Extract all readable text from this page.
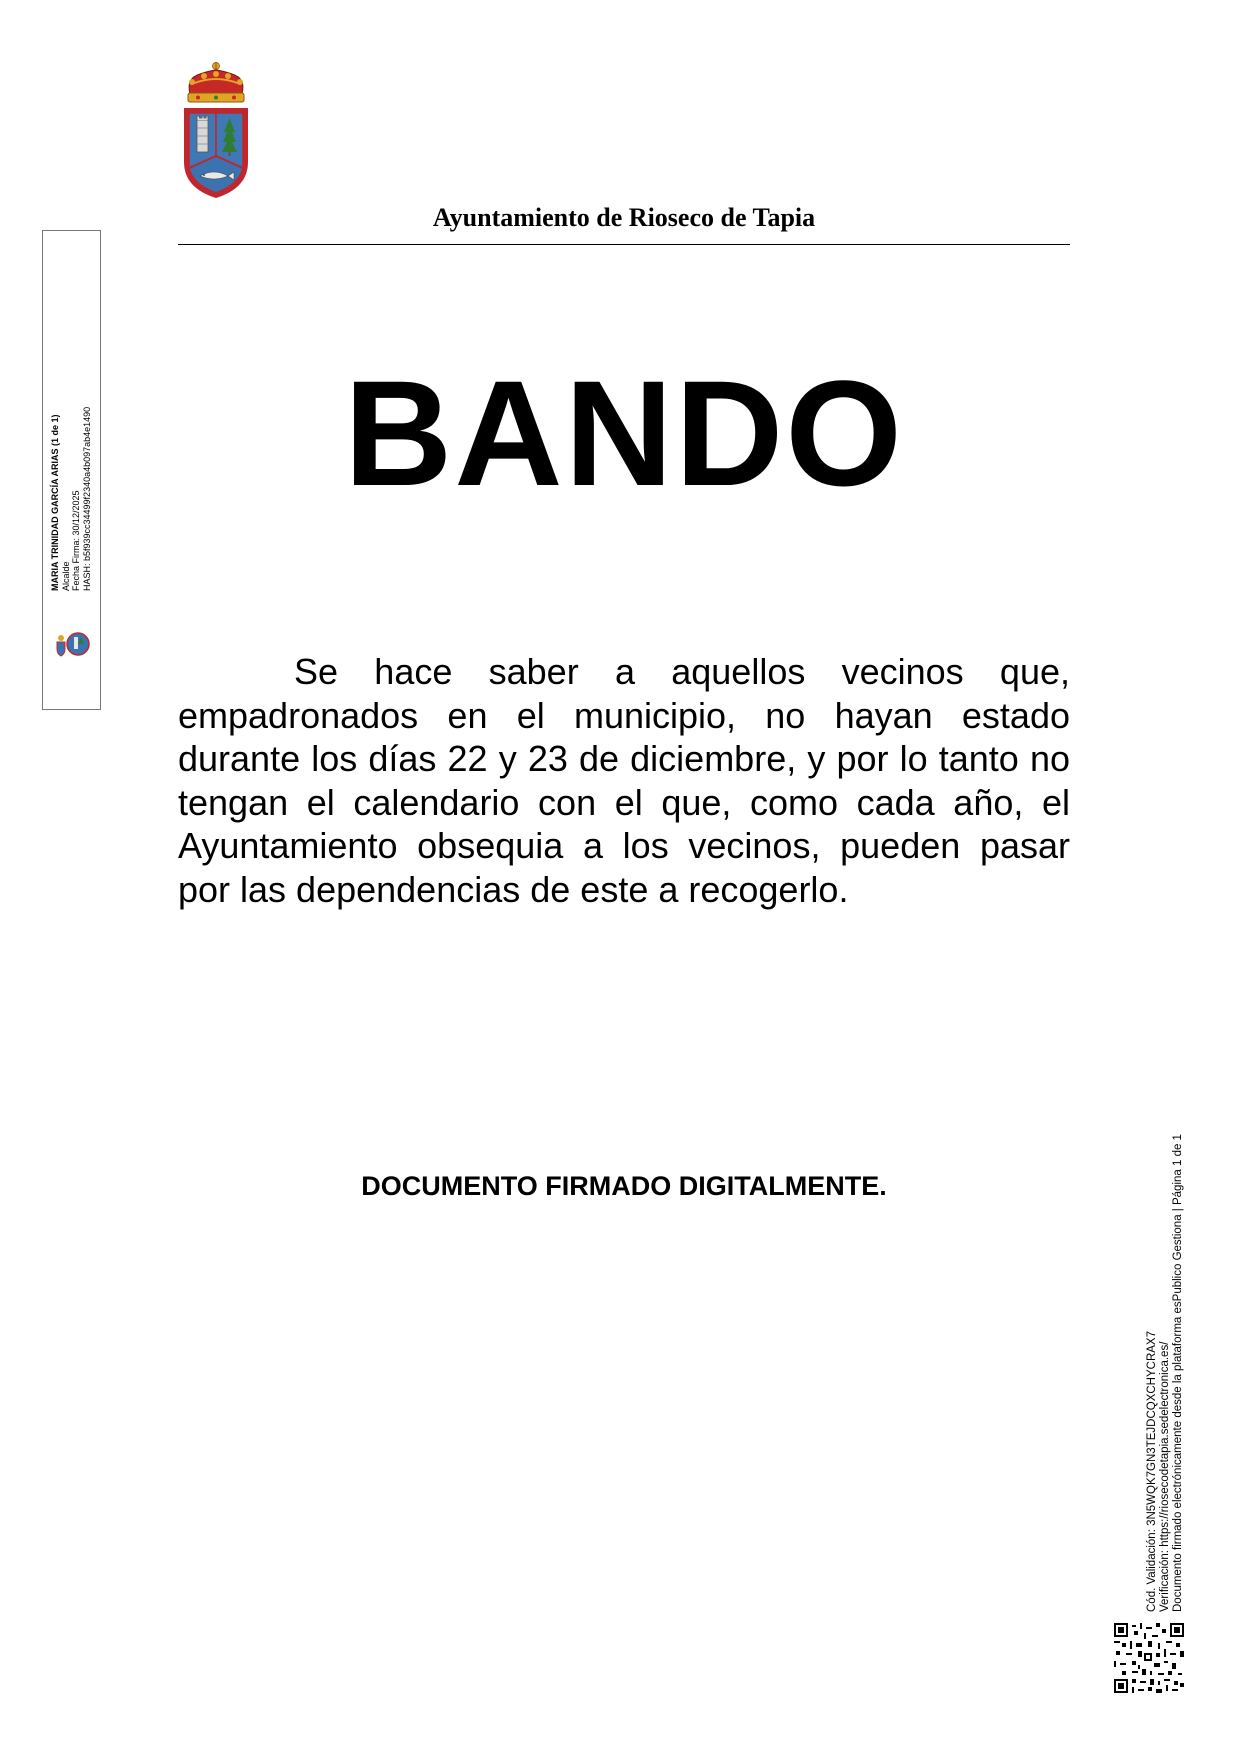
Ayuntamiento de Rioseco de Tapia
BANDO

Se hace saber a aquellos vecinos que, empadronados en el municipio, no hayan estado durante los días 22 y 23 de diciembre, y por lo tanto no tengan el calendario con el que, como cada año, el Ayuntamiento obsequia a los vecinos, pueden pasar por las dependencias de este a recogerlo.

DOCUMENTO FIRMADO DIGITALMENTE.
MARIA TRINIDAD GARCÍA ARIAS (1 de 1) Alcalde Fecha Firma: 30/12/2025 HASH: b5f939cc34499f2340a4b097ab4e1490
Cód. Validación: 3N5WQK7GN3TEJDCQXCHYCRAX7 Verificación: https://riosecodetapia.sedelectronica.es/ Documento firmado electrónicamente desde la plataforma esPublico Gestiona | Página 1 de 1
